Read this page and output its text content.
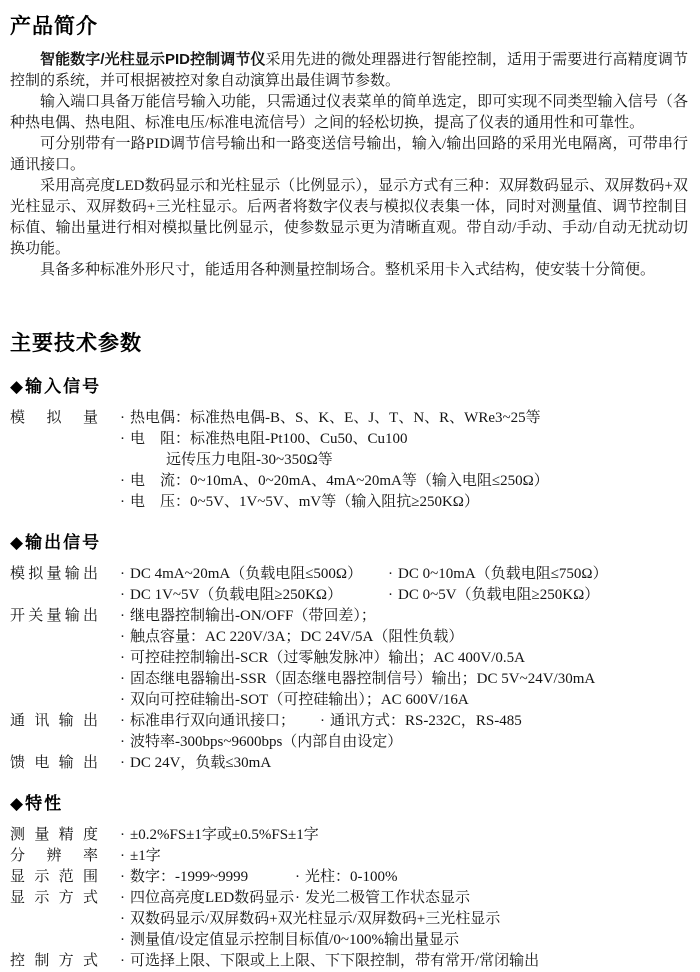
产品简介

智能数字/光柱显示PID控制调节仪采用先进的微处理器进行智能控制，适用于需要进行高精度调节控制的系统，并可根据被控对象自动演算出最佳调节参数。

输入端口具备万能信号输入功能，只需通过仪表菜单的简单选定，即可实现不同类型输入信号（各种热电偶、热电阻、标准电压/标准电流信号）之间的轻松切换，提高了仪表的通用性和可靠性。

可分别带有一路PID调节信号输出和一路变送信号输出，输入/输出回路的采用光电隔离，可带串行通讯接口。

采用高亮度LED数码显示和光柱显示（比例显示），显示方式有三种：双屏数码显示、双屏数码+双光柱显示、双屏数码+三光柱显示。后两者将数字仪表与模拟仪表集一体，同时对测量值、调节控制目标值、输出量进行相对模拟量比例显示，使参数显示更为清晰直观。带自动/手动、手动/自动无扰动切换功能。

具备多种标准外形尺寸，能适用各种测量控制场合。整机采用卡入式结构，使安装十分简便。

主要技术参数
◆输入信号
模拟量 · 热电偶：标准热电偶-B、S、K、E、J、T、N、R、WRe3~25等
· 电　阻：标准热电阻-Pt100、Cu50、Cu100
远传压力电阻-30~350Ω等
· 电　流：0~10mA、0~20mA、4mA~20mA等（输入电阻≤250Ω）
· 电　压：0~5V、1V~5V、mV等（输入阻抗≥250KΩ）
◆输出信号
模拟量输出 · DC 4mA~20mA（负载电阻≤500Ω） · DC 0~10mA（负载电阻≤750Ω）
· DC 1V~5V（负载电阻≥250KΩ）	· DC 0~5V（负载电阻≥250KΩ）
开关量输出 · 继电器控制输出-ON/OFF（带回差）；
· 触点容量：AC 220V/3A；DC 24V/5A（阻性负载）
· 可控硅控制输出-SCR（过零触发脉冲）输出；AC 400V/0.5A
· 固态继电器输出-SSR（固态继电器控制信号）输出；DC 5V~24V/30mA
· 双向可控硅输出-SOT（可控硅输出）；AC 600V/16A
通讯输出 · 标准串行双向通讯接口； · 通讯方式：RS-232C，RS-485
· 波特率-300bps~9600bps（内部自由设定）
馈电输出 · DC 24V，负载≤30mA
◆特性
测量精度 · ±0.2%FS±1字或±0.5%FS±1字
分辨率 · ±1字
显示范围 · 数字：-1999~9999	· 光柱：0-100%
显示方式 · 四位高亮度LED数码显示 · 发光二极管工作状态显示
· 双数码显示/双屏数码+双光柱显示/双屏数码+三光柱显示
· 测量值/设定值显示控制目标值/0~100%输出量显示
控制方式 · 可选择上限、下限或上上限、下下限控制，带有常开/常闭输出
